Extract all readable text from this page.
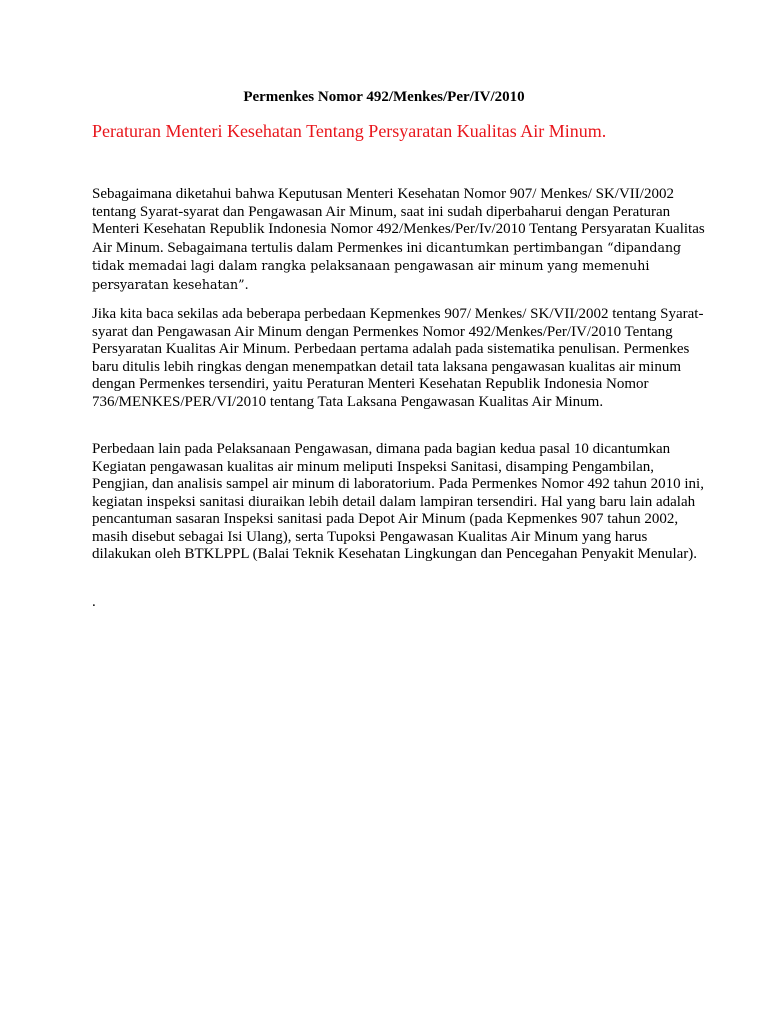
Permenkes Nomor 492/Menkes/Per/IV/2010
Peraturan Menteri Kesehatan Tentang Persyaratan Kualitas Air Minum.

Sebagaimana diketahui bahwa Keputusan Menteri Kesehatan Nomor 907/ Menkes/ SK/VII/2002 tentang Syarat-syarat dan Pengawasan Air Minum, saat ini sudah diperbaharui dengan Peraturan Menteri Kesehatan Republik Indonesia Nomor 492/Menkes/Per/Iv/2010 Tentang Persyaratan Kualitas Air Minum. Sebagaimana tertulis dalam Permenkes ini dicantumkan pertimbangan “dipandang tidak memadai lagi dalam rangka pelaksanaan pengawasan air minum yang memenuhi persyaratan kesehatan”.

Jika kita baca sekilas ada beberapa perbedaan Kepmenkes 907/ Menkes/ SK/VII/2002 tentang Syarat-syarat dan Pengawasan Air Minum dengan Permenkes Nomor 492/Menkes/Per/IV/2010 Tentang Persyaratan Kualitas Air Minum. Perbedaan pertama adalah pada sistematika penulisan. Permenkes baru ditulis lebih ringkas dengan menempatkan detail tata laksana pengawasan kualitas air minum dengan Permenkes tersendiri, yaitu Peraturan Menteri Kesehatan Republik Indonesia Nomor 736/MENKES/PER/VI/2010 tentang Tata Laksana Pengawasan Kualitas Air Minum.

Perbedaan lain pada Pelaksanaan Pengawasan, dimana pada bagian kedua pasal 10 dicantumkan Kegiatan pengawasan kualitas air minum meliputi Inspeksi Sanitasi, disamping Pengambilan, Pengjian, dan analisis sampel air minum di laboratorium. Pada Permenkes Nomor 492 tahun 2010 ini, kegiatan inspeksi sanitasi diuraikan lebih detail dalam lampiran tersendiri. Hal yang baru lain adalah pencantuman sasaran Inspeksi sanitasi pada Depot Air Minum (pada Kepmenkes 907 tahun 2002, masih disebut sebagai Isi Ulang), serta Tupoksi Pengawasan Kualitas Air Minum yang harus dilakukan oleh BTKLPPL (Balai Teknik Kesehatan Lingkungan dan Pencegahan Penyakit Menular).

.
